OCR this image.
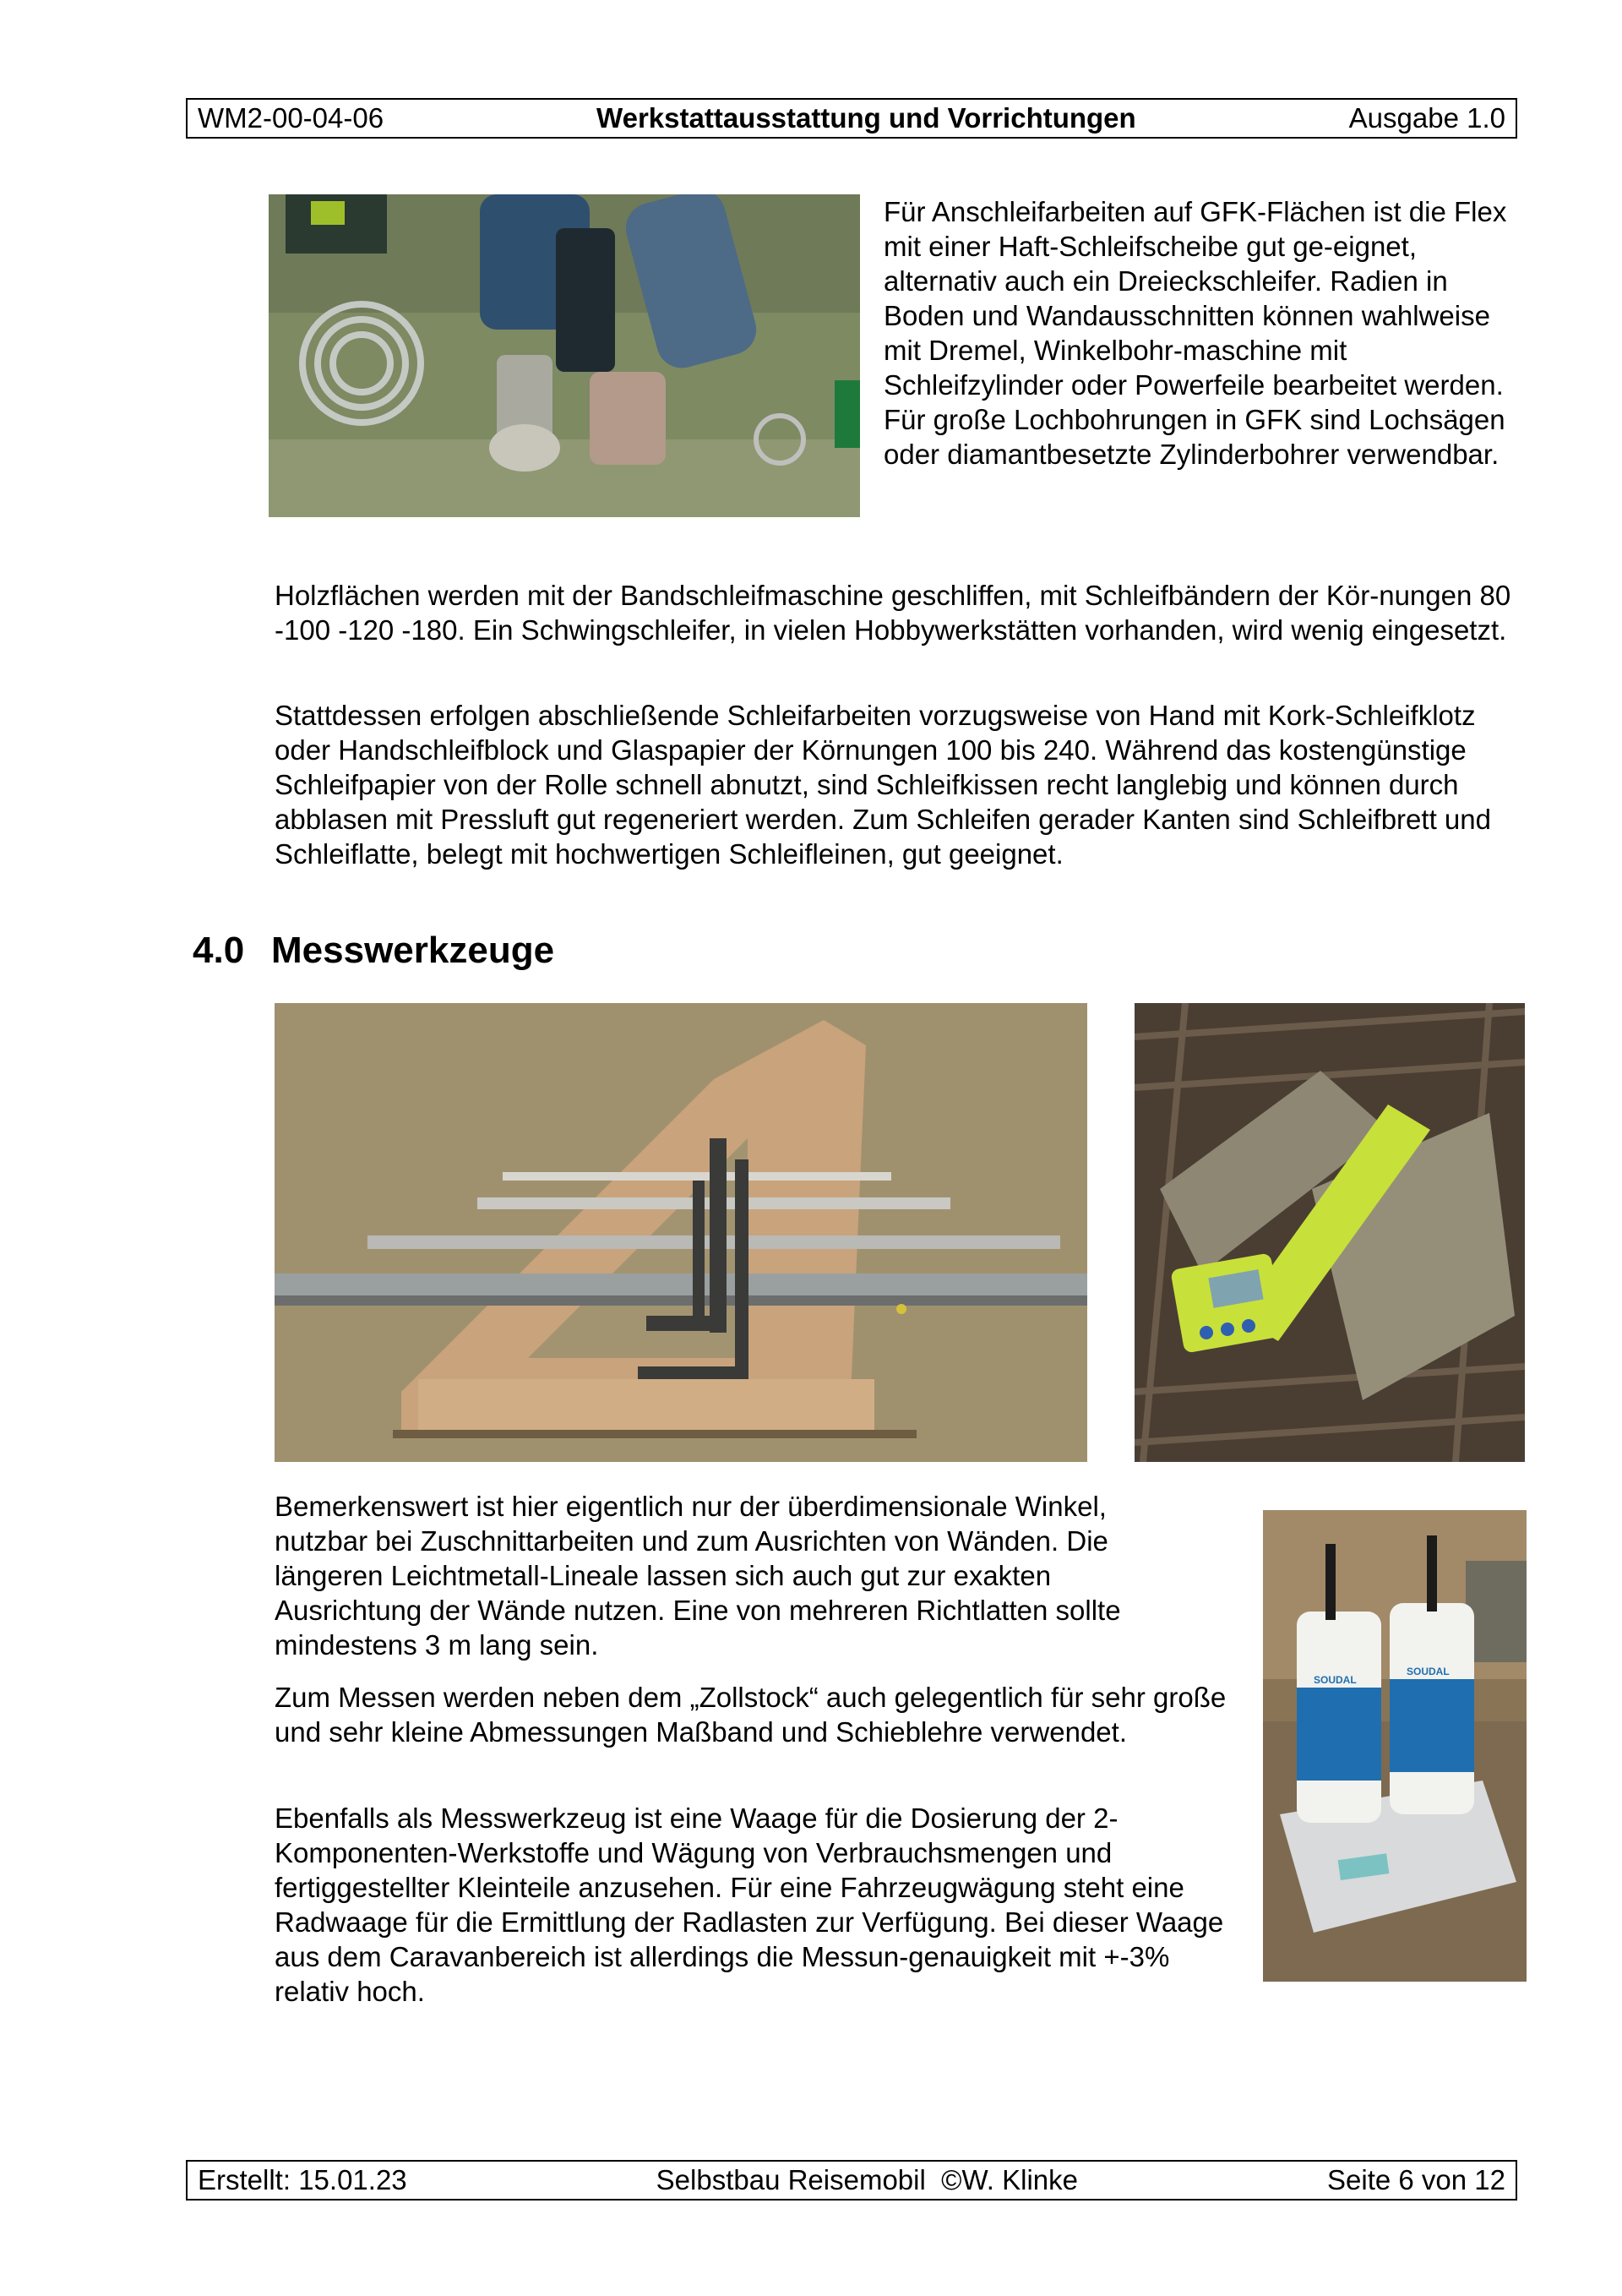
WM2-00-04-06	Werkstattausstattung und Vorrichtungen	Ausgabe 1.0

Für Anschleifarbeiten auf GFK-Flächen ist die Flex mit einer Haft-Schleifscheibe gut ge-eignet, alternativ auch ein Dreieckschleifer. Radien in Boden und Wandausschnitten können wahlweise mit Dremel, Winkelbohr-maschine mit Schleifzylinder oder Powerfeile bearbeitet werden. Für große Lochbohrungen in GFK sind Lochsägen oder diamantbesetzte Zylinderbohrer verwendbar.

Holzflächen werden mit der Bandschleifmaschine geschliffen, mit Schleifbändern der Kör-nungen 80 -100 -120 -180. Ein Schwingschleifer, in vielen Hobbywerkstätten vorhanden, wird wenig eingesetzt.

Stattdessen erfolgen abschließende Schleifarbeiten vorzugsweise von Hand mit Kork-Schleifklotz oder Handschleifblock und Glaspapier der Körnungen 100 bis 240. Während das kostengünstige Schleifpapier von der Rolle schnell abnutzt, sind Schleifkissen recht langlebig und können durch abblasen mit Pressluft gut regeneriert werden. Zum Schleifen gerader Kanten sind Schleifbrett und Schleiflatte, belegt mit hochwertigen Schleifleinen, gut geeignet.

4.0 Messwerkzeuge

Bemerkenswert ist hier eigentlich nur der überdimensionale Winkel, nutzbar bei Zuschnittarbeiten und zum Ausrichten von Wänden. Die längeren Leichtmetall-Lineale lassen sich auch gut zur exakten Ausrichtung der Wände nutzen. Eine von mehreren Richtlatten sollte mindestens 3 m lang sein.

Zum Messen werden neben dem „Zollstock“ auch gelegentlich für sehr große und sehr kleine Abmessungen Maßband und Schieblehre verwendet.

Ebenfalls als Messwerkzeug ist eine Waage für die Dosierung der 2-Komponenten-Werkstoffe und Wägung von Verbrauchsmengen und fertiggestellter Kleinteile anzusehen. Für eine Fahrzeugwägung steht eine Radwaage für die Ermittlung der Radlasten zur Verfügung. Bei dieser Waage aus dem Caravanbereich ist allerdings die Messun-genauigkeit mit +-3% relativ hoch.

SOUDAL
SOUDAL
Erstellt: 15.01.23	Selbstbau Reisemobil  ©W. Klinke	Seite 6 von 12
